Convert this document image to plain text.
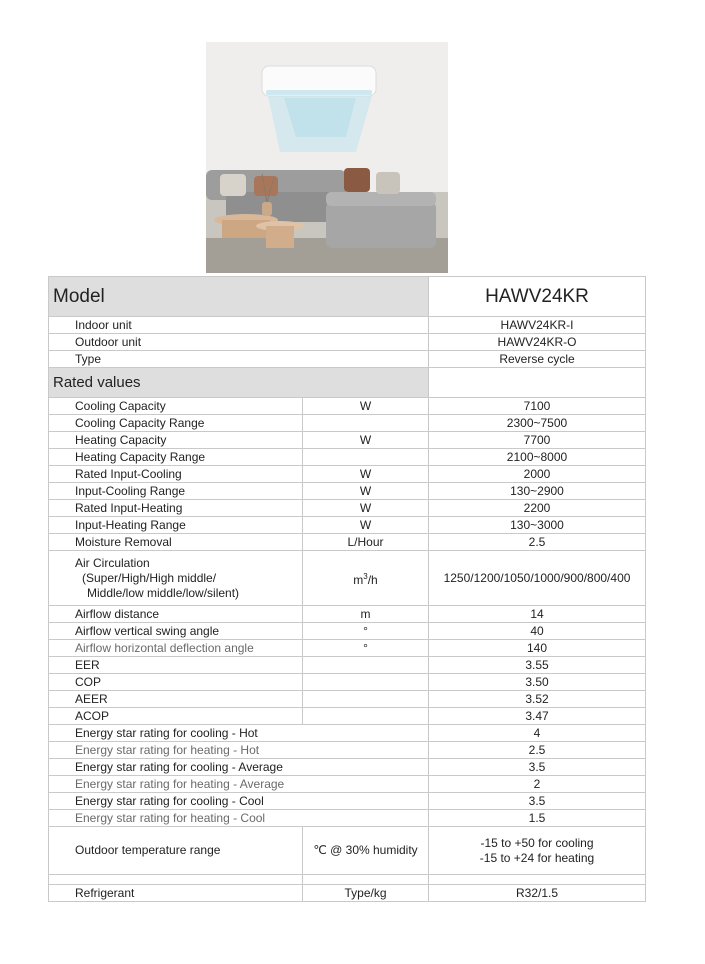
Model		HAWV24KR
Indoor unit		HAWV24KR-I
Outdoor unit		HAWV24KR-O
Type		Reverse cycle
Rated values		
Cooling Capacity	W	7100
Cooling Capacity Range		2300~7500
Heating Capacity	W	7700
Heating Capacity Range		2100~8000
Rated Input-Cooling	W	2000
Input-Cooling Range	W	130~2900
Rated Input-Heating	W	2200
Input-Heating Range	W	130~3000
Moisture Removal	L/Hour	2.5
Air Circulation
(Super/High/High middle/
Middle/low middle/low/silent)	$m^3/h$	1250/1200/1050/1000/900/800/400
Airflow distance	m	14
Airflow vertical swing angle	°	40
Airflow horizontal deflection angle	°	140
EER		3.55
COP		3.50
AEER		3.52
ACOP		3.47
Energy star rating for cooling - Hot		4
Energy star rating for heating - Hot		2.5
Energy star rating for cooling - Average		3.5
Energy star rating for heating - Average		2
Energy star rating for cooling - Cool		3.5
Energy star rating for heating - Cool		1.5
Outdoor temperature range	℃ @ 30% humidity	-15 to +50 for cooling
-15 to +24 for heating

Refrigerant	Type/kg	R32/1.5
